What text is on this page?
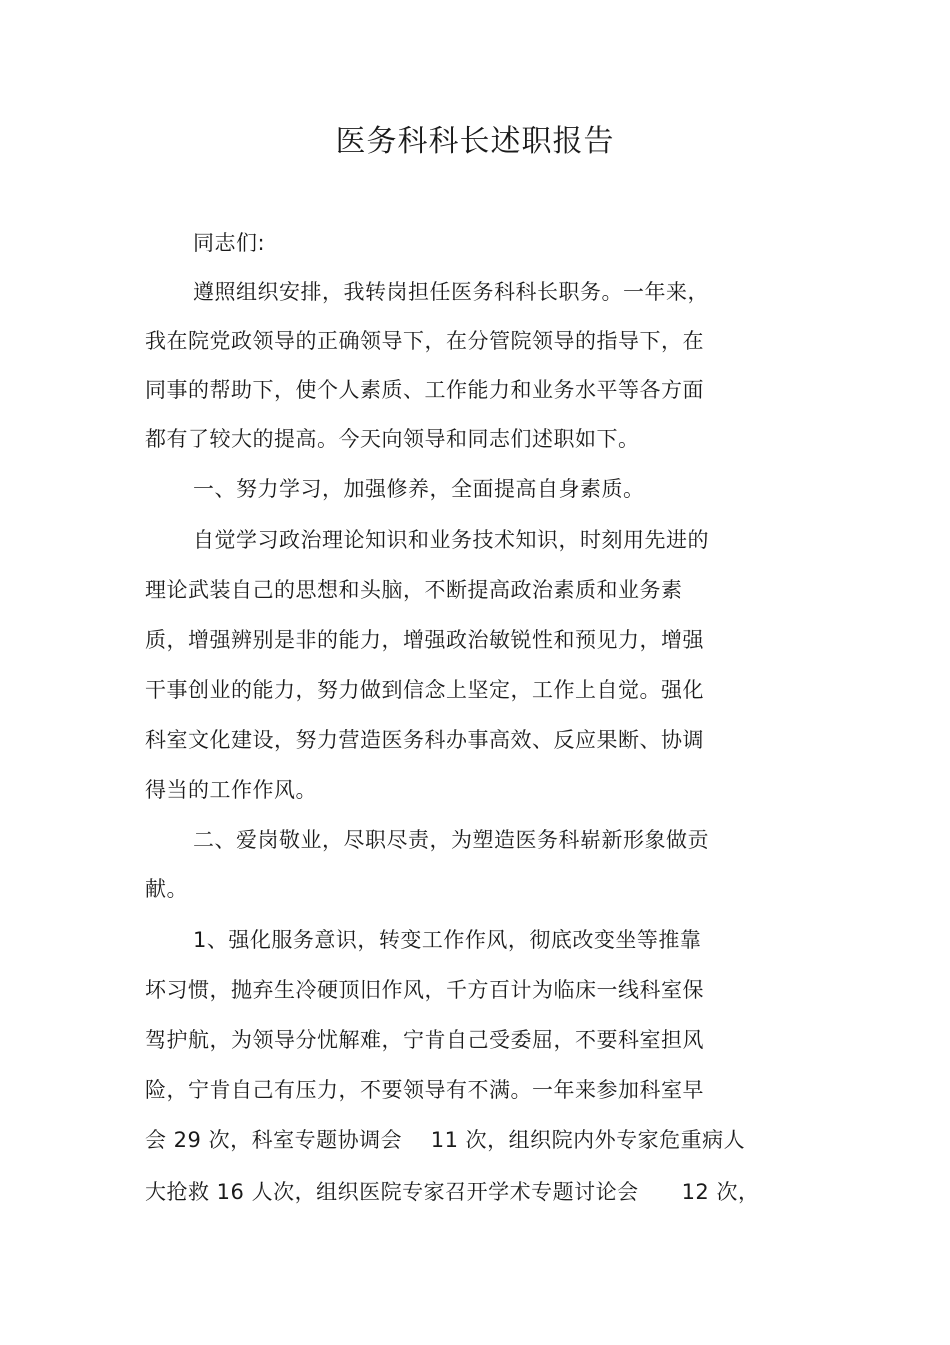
医务科科长述职报告
同志们:
遵照组织安排，我转岗担任医务科科长职务。一年来，
我在院党政领导的正确领导下，在分管院领导的指导下，在
同事的帮助下，使个人素质、工作能力和业务水平等各方面
都有了较大的提高。今天向领导和同志们述职如下。
一、努力学习，加强修养，全面提高自身素质。
自觉学习政治理论知识和业务技术知识，时刻用先进的
理论武装自己的思想和头脑，不断提高政治素质和业务素
质，增强辨别是非的能力，增强政治敏锐性和预见力，增强
干事创业的能力，努力做到信念上坚定，工作上自觉。强化
科室文化建设，努力营造医务科办事高效、反应果断、协调
得当的工作作风。
二、爱岗敬业，尽职尽责，为塑造医务科崭新形象做贡
献。
1、强化服务意识，转变工作作风，彻底改变坐等推靠
坏习惯，抛弃生冷硬顶旧作风，千方百计为临床一线科室保
驾护航，为领导分忧解难，宁肯自己受委屈，不要科室担风
险，宁肯自己有压力，不要领导有不满。一年来参加科室早
会 29 次，科室专题协调会　 11 次，组织院内外专家危重病人
大抢救 16 人次，组织医院专家召开学术专题讨论会　　12 次，
